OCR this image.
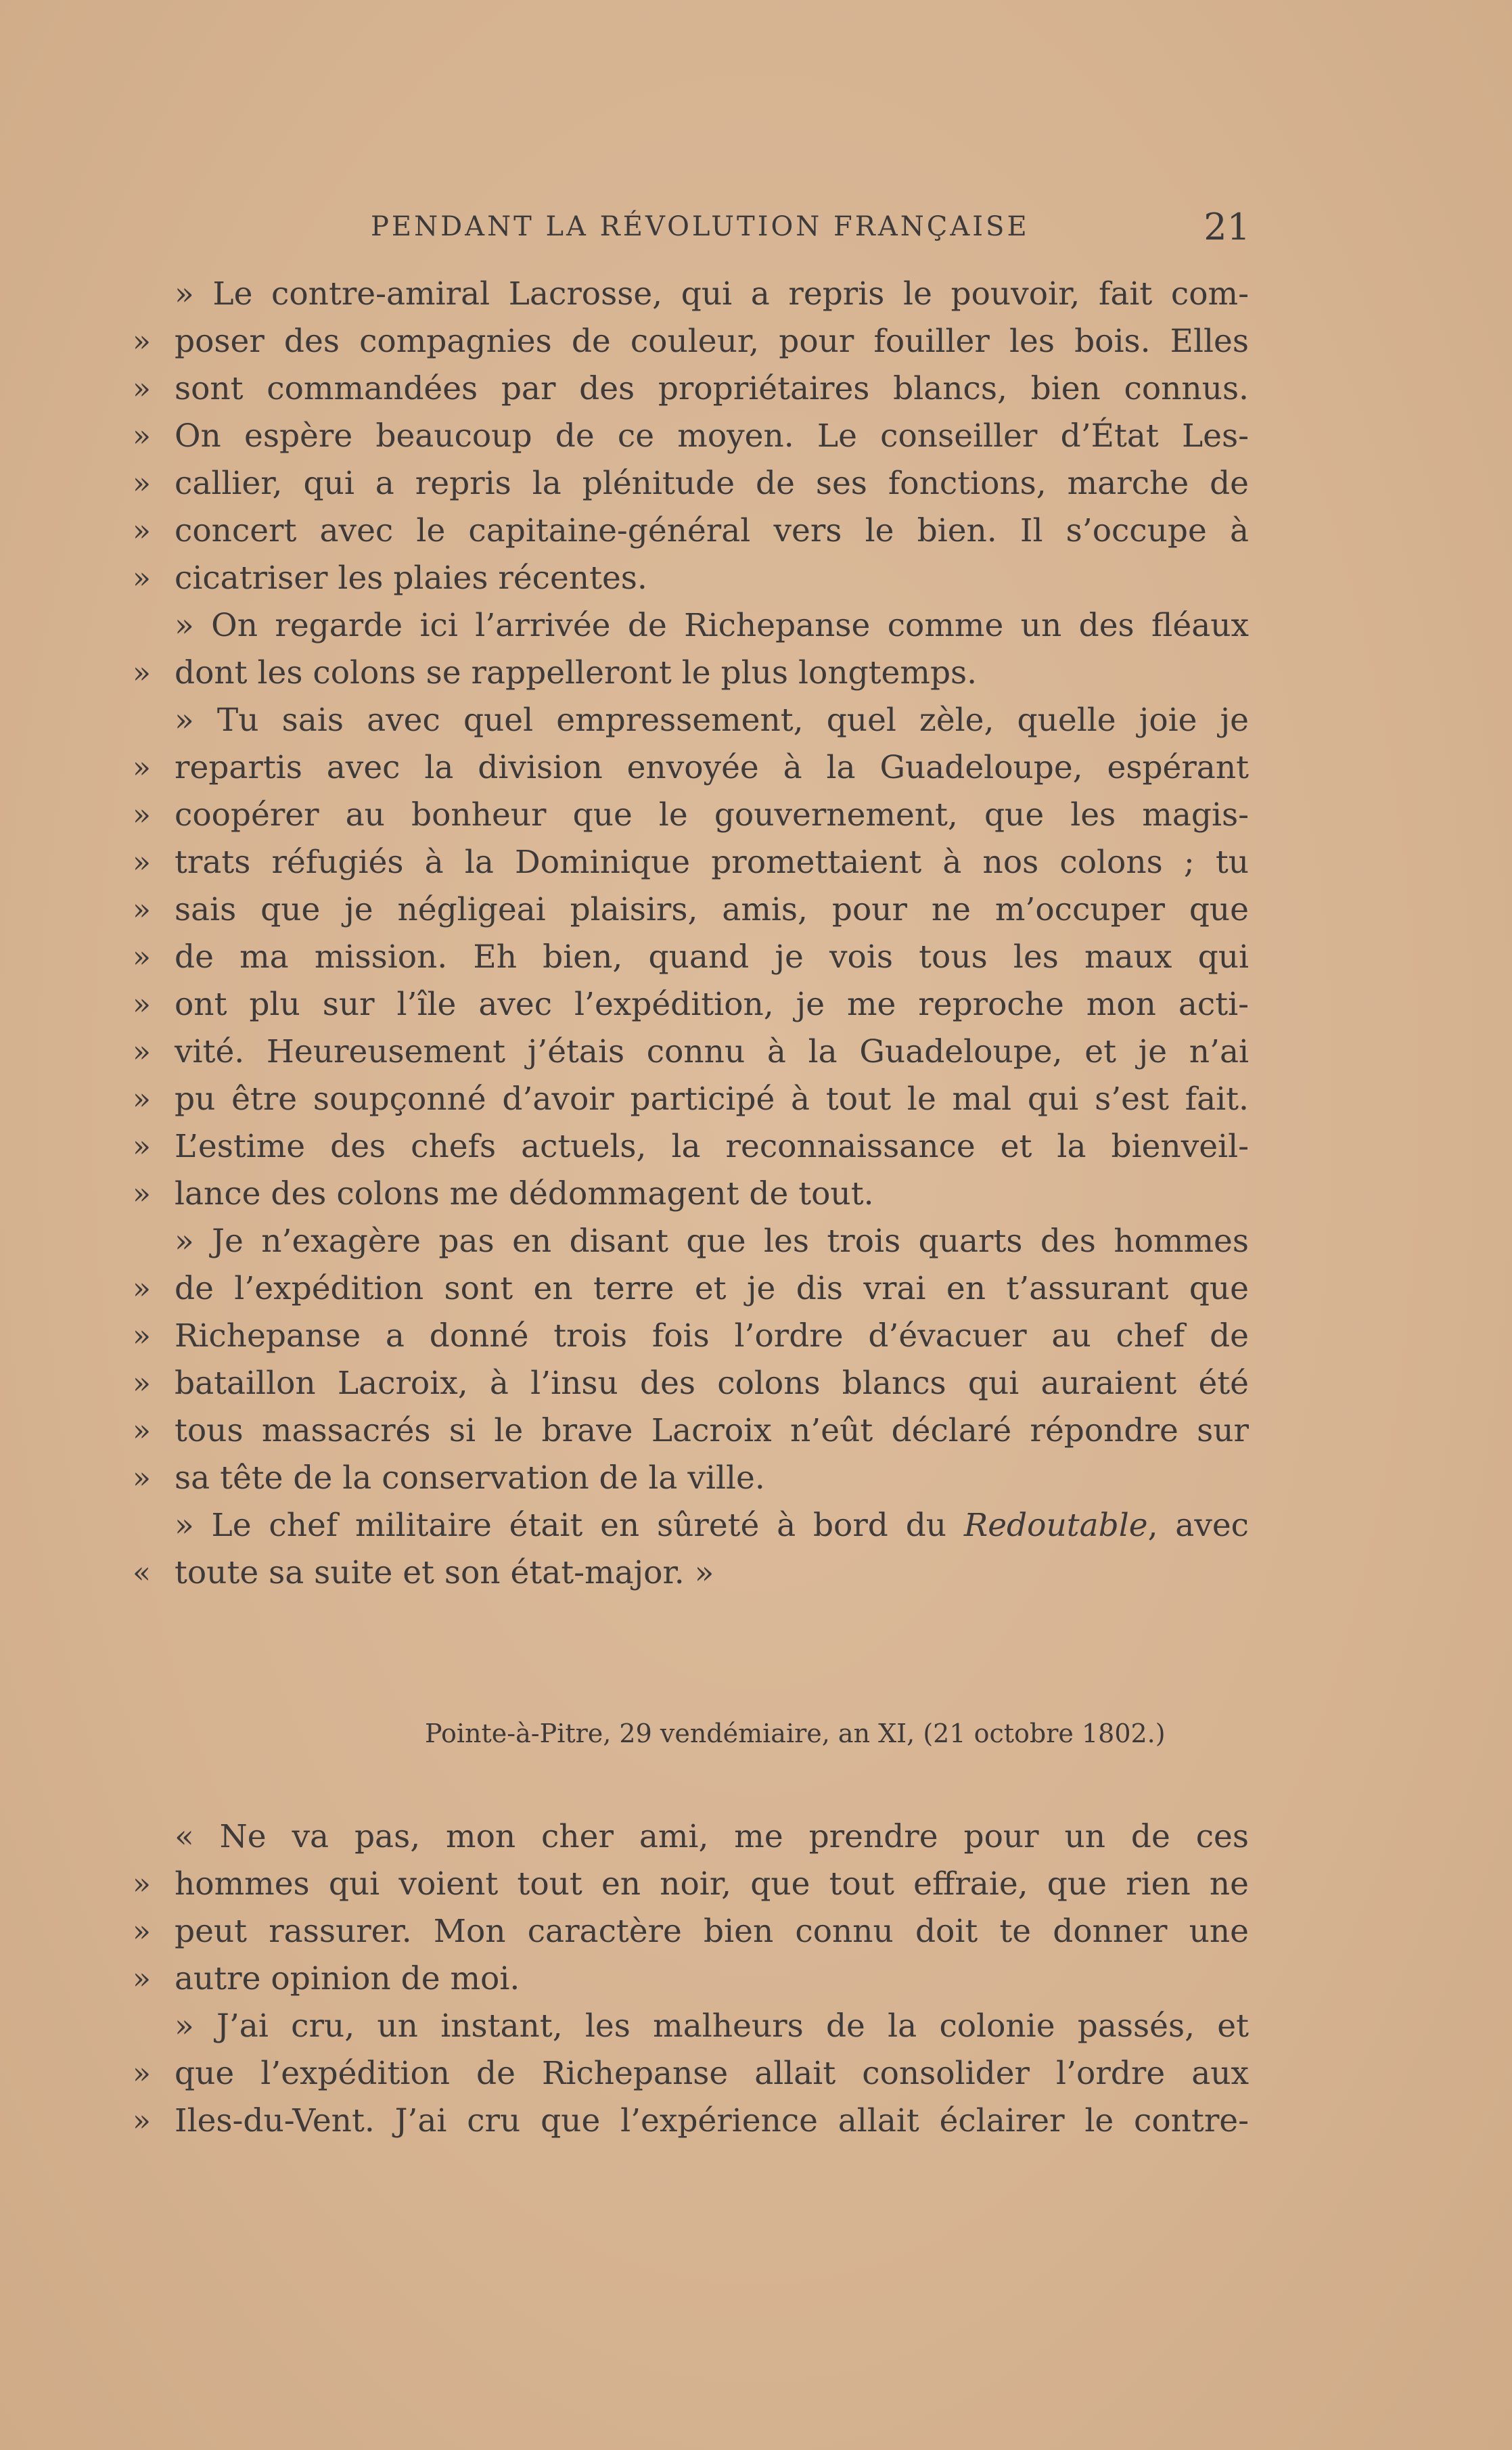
PENDANT LA RÉVOLUTION FRANÇAISE	21
» Le contre-amiral Lacrosse, qui a repris le pouvoir, fait com-
» poser des compagnies de couleur, pour fouiller les bois. Elles
» sont commandées par des propriétaires blancs, bien connus.
» On espère beaucoup de ce moyen. Le conseiller d’État Les-
» callier, qui a repris la plénitude de ses fonctions, marche de
» concert avec le capitaine-général vers le bien. Il s’occupe à
» cicatriser les plaies récentes.
» On regarde ici l’arrivée de Richepanse comme un des fléaux
» dont les colons se rappelleront le plus longtemps.
» Tu sais avec quel empressement, quel zèle, quelle joie je
» repartis avec la division envoyée à la Guadeloupe, espérant
» coopérer au bonheur que le gouvernement, que les magis-
» trats réfugiés à la Dominique promettaient à nos colons ; tu
» sais que je négligeai plaisirs, amis, pour ne m’occuper que
» de ma mission. Eh bien, quand je vois tous les maux qui
» ont plu sur l’île avec l’expédition, je me reproche mon acti-
» vité. Heureusement j’étais connu à la Guadeloupe, et je n’ai
» pu être soupçonné d’avoir participé à tout le mal qui s’est fait.
» L’estime des chefs actuels, la reconnaissance et la bienveil-
» lance des colons me dédommagent de tout.
» Je n’exagère pas en disant que les trois quarts des hommes
» de l’expédition sont en terre et je dis vrai en t’assurant que
» Richepanse a donné trois fois l’ordre d’évacuer au chef de
» bataillon Lacroix, à l’insu des colons blancs qui auraient été
» tous massacrés si le brave Lacroix n’eût déclaré répondre sur
» sa tête de la conservation de la ville.
» Le chef militaire était en sûreté à bord du Redoutable, avec
« toute sa suite et son état-major. »
Pointe-à-Pitre, 29 vendémiaire, an XI, (21 octobre 1802.)
« Ne va pas, mon cher ami, me prendre pour un de ces
» hommes qui voient tout en noir, que tout effraie, que rien ne
» peut rassurer. Mon caractère bien connu doit te donner une
» autre opinion de moi.
» J’ai cru, un instant, les malheurs de la colonie passés, et
» que l’expédition de Richepanse allait consolider l’ordre aux
» Iles-du-Vent. J’ai cru que l’expérience allait éclairer le contre-
